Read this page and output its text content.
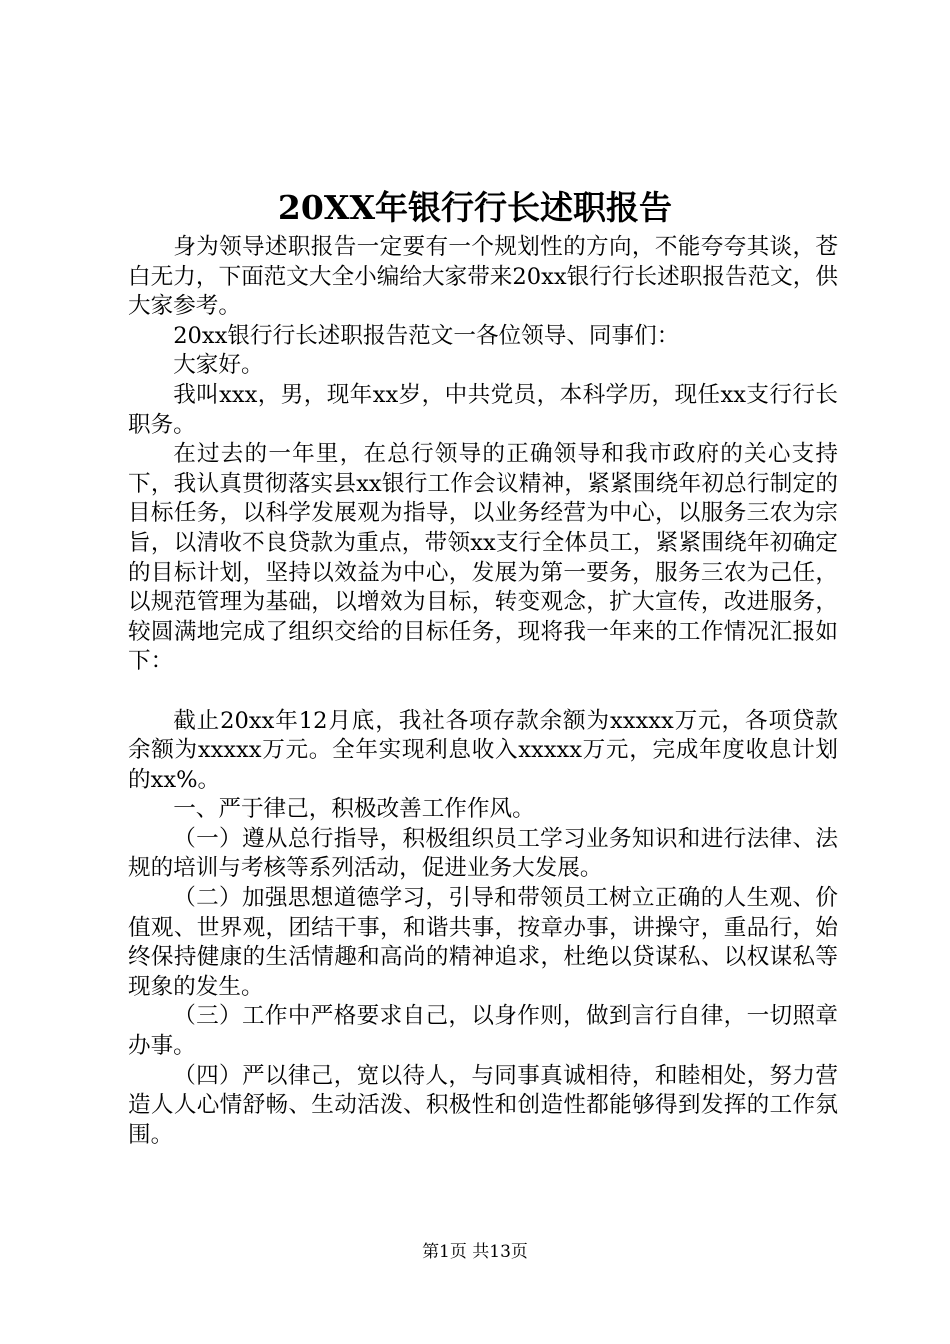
20XX年银行行长述职报告

身为领导述职报告一定要有一个规划性的方向，不能夸夸其谈，苍白无力，下面范文大全小编给大家带来20xx银行行长述职报告范文，供大家参考。

20xx银行行长述职报告范文一各位领导、同事们：

大家好。

我叫xxx，男，现年xx岁，中共党员，本科学历，现任xx支行行长职务。

在过去的一年里，在总行领导的正确领导和我市政府的关心支持下，我认真贯彻落实县xx银行工作会议精神，紧紧围绕年初总行制定的目标任务，以科学发展观为指导，以业务经营为中心，以服务三农为宗旨，以清收不良贷款为重点，带领xx支行全体员工，紧紧围绕年初确定的目标计划，坚持以效益为中心，发展为第一要务，服务三农为己任，以规范管理为基础，以增效为目标，转变观念，扩大宣传，改进服务，较圆满地完成了组织交给的目标任务，现将我一年来的工作情况汇报如下：

截止20xx年12月底，我社各项存款余额为xxxxx万元，各项贷款余额为xxxxx万元。全年实现利息收入xxxxx万元，完成年度收息计划的xx%。

一、严于律己，积极改善工作作风。

（一）遵从总行指导，积极组织员工学习业务知识和进行法律、法规的培训与考核等系列活动，促进业务大发展。

（二）加强思想道德学习，引导和带领员工树立正确的人生观、价值观、世界观，团结干事，和谐共事，按章办事，讲操守，重品行，始终保持健康的生活情趣和高尚的精神追求，杜绝以贷谋私、以权谋私等现象的发生。

（三）工作中严格要求自己，以身作则，做到言行自律，一切照章办事。

（四）严以律己，宽以待人，与同事真诚相待，和睦相处，努力营造人人心情舒畅、生动活泼、积极性和创造性都能够得到发挥的工作氛围。

第1页 共13页
